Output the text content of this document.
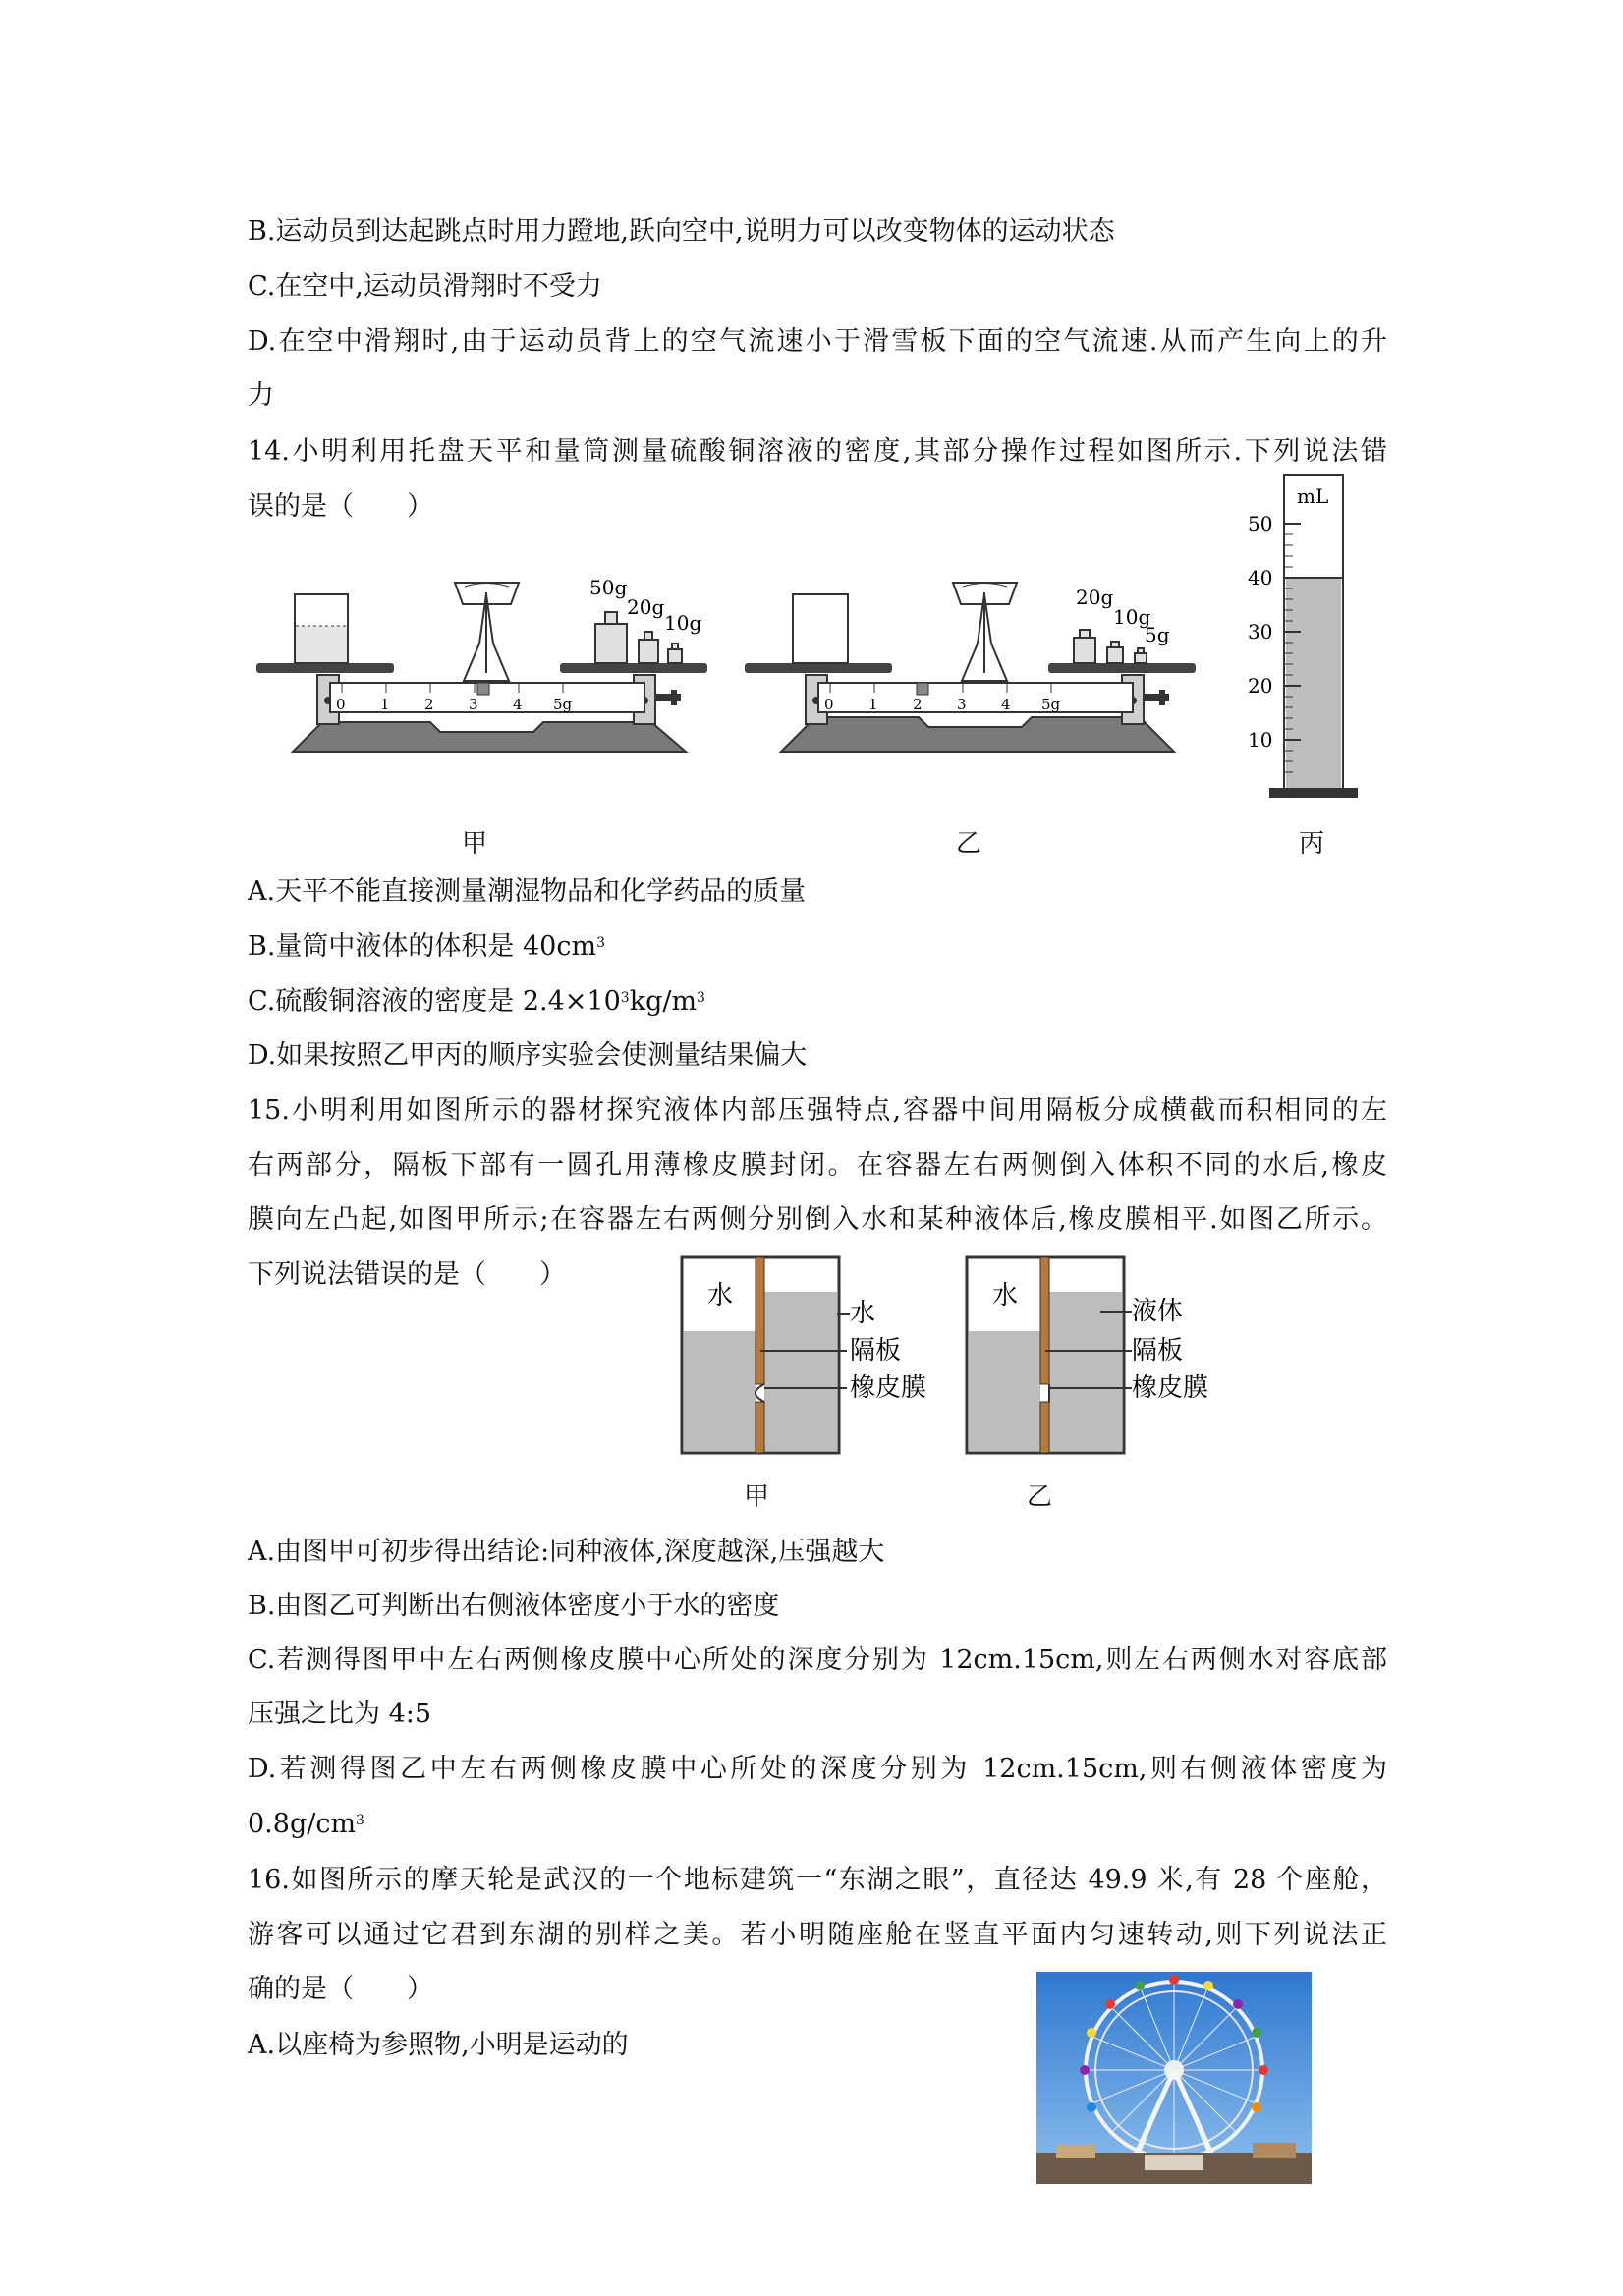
B.运动员到达起跳点时用力蹬地,跃向空中,说明力可以改变物体的运动状态
C.在空中,运动员滑翔时不受力
D.在空中滑翔时,由于运动员背上的空气流速小于滑雪板下面的空气流速.从而产生向上的升
力
14.小明利用托盘天平和量筒测量硫酸铜溶液的密度,其部分操作过程如图所示.下列说法错
误的是（　　）
0 1 2 3 4 5g
50g
20g
10g
0 1 2 3 4 5g
20g
10g
5g
mL
50
40
30
20
10
甲	乙	丙
A.天平不能直接测量潮湿物品和化学药品的质量
B.量筒中液体的体积是 $40cm^3$
C.硫酸铜溶液的密度是 $2.4\times 10^3kg/m^3$
D.如果按照乙甲丙的顺序实验会使测量结果偏大
15.小明利用如图所示的器材探究液体内部压强特点,容器中间用隔板分成横截而积相同的左
右两部分，隔板下部有一圆孔用薄橡皮膜封闭。在容器左右两侧倒入体积不同的水后,橡皮
膜向左凸起,如图甲所示;在容器左右两侧分别倒入水和某种液体后,橡皮膜相平.如图乙所示。
下列说法错误的是（　　）
水
水
隔板
橡皮膜
水
液体
隔板
橡皮膜
甲	乙
A.由图甲可初步得出结论:同种液体,深度越深,压强越大
B.由图乙可判断出右侧液体密度小于水的密度
C.若测得图甲中左右两侧橡皮膜中心所处的深度分别为 12cm.15cm,则左右两侧水对容底部
压强之比为 4:5
D.若测得图乙中左右两侧橡皮膜中心所处的深度分别为 12cm.15cm,则右侧液体密度为
$0.8g/cm^3$
16.如图所示的摩天轮是武汉的一个地标建筑一“东湖之眼”，直径达 49.9 米,有 28 个座舱，
游客可以通过它君到东湖的别样之美。若小明随座舱在竖直平面内匀速转动,则下列说法正
确的是（　　）
A.以座椅为参照物,小明是运动的
